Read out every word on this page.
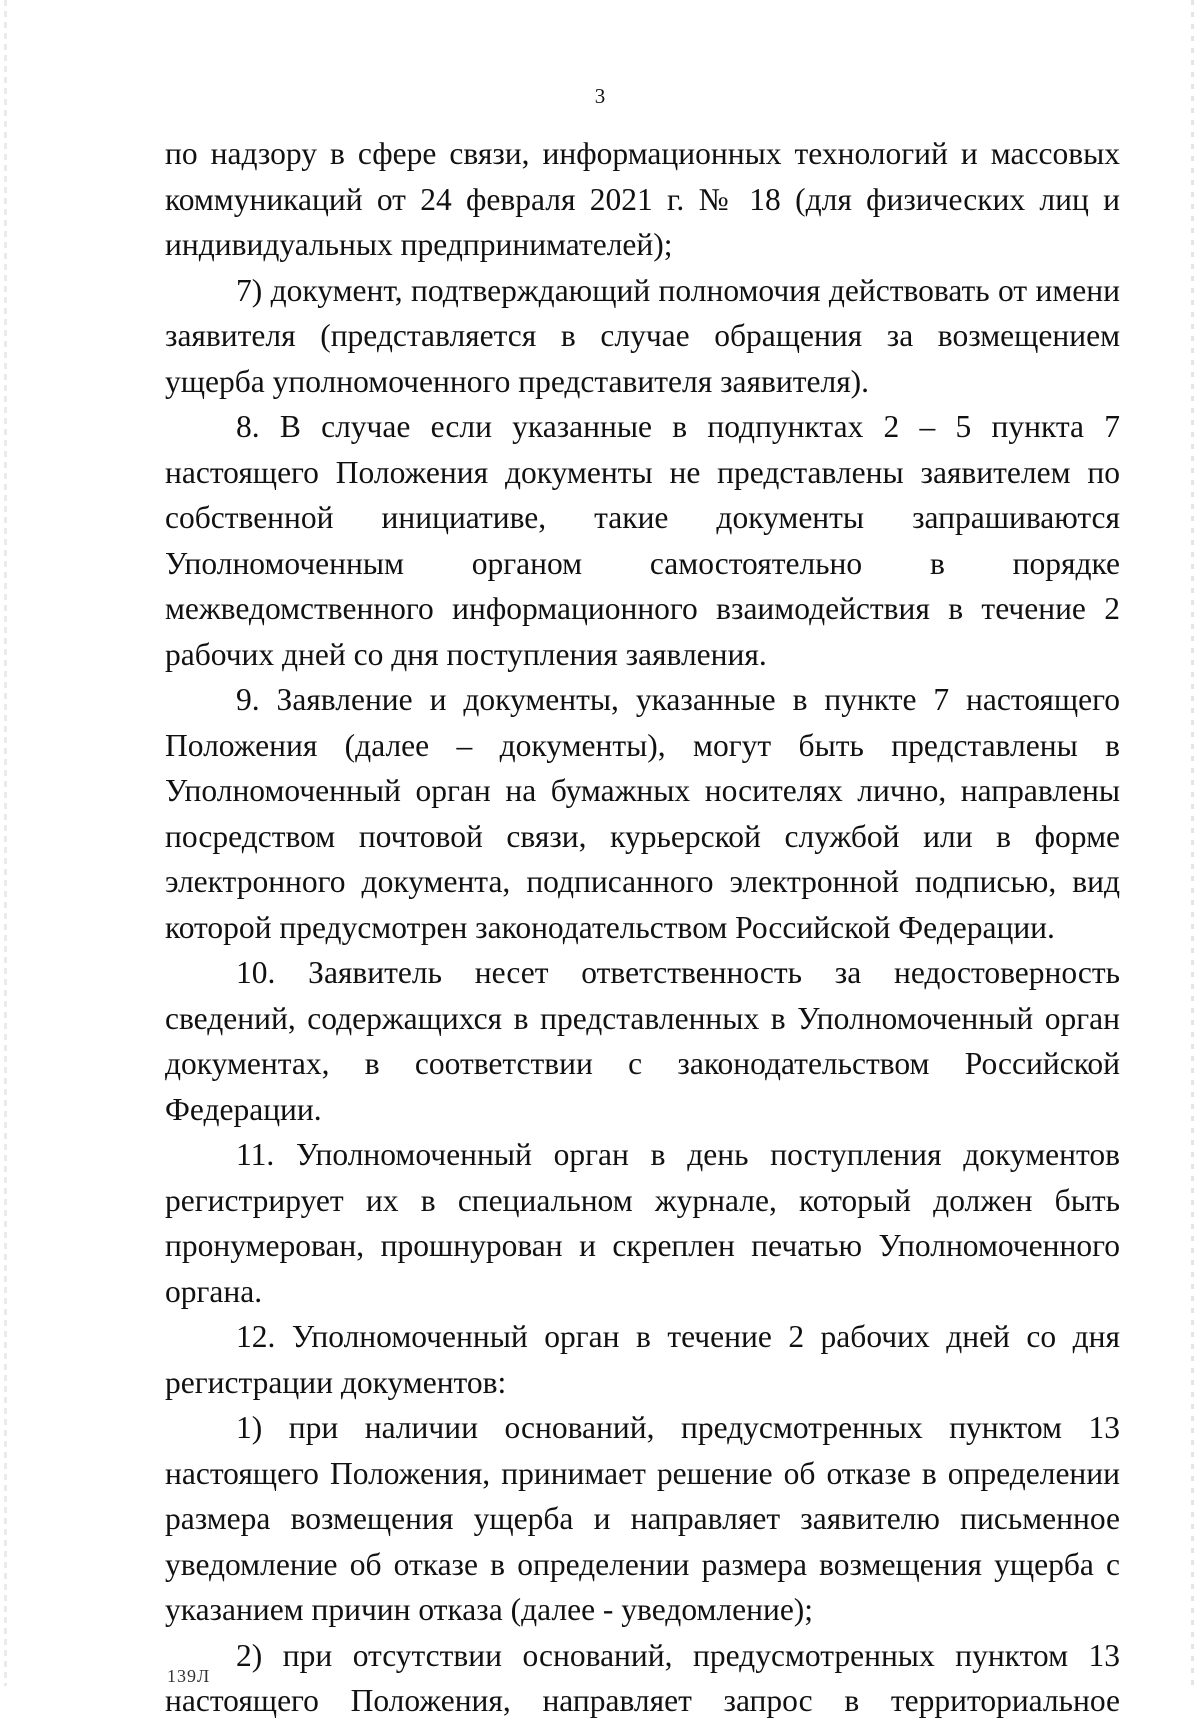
3

по надзору в сфере связи, информационных технологий и массовых коммуникаций от 24 февраля 2021 г. № 18 (для физических лиц и индивидуальных предпринимателей);

7) документ, подтверждающий полномочия действовать от имени заявителя (представляется в случае обращения за возмещением ущерба уполномоченного представителя заявителя).

8. В случае если указанные в подпунктах 2 – 5 пункта 7 настоящего Положения документы не представлены заявителем по собственной инициативе, такие документы запрашиваются Уполномоченным органом самостоятельно в порядке межведомственного информационного взаимодействия в течение 2 рабочих дней со дня поступления заявления.

9. Заявление и документы, указанные в пункте 7 настоящего Положения (далее – документы), могут быть представлены в Уполномоченный орган на бумажных носителях лично, направлены посредством почтовой связи, курьерской службой или в форме электронного документа, подписанного электронной подписью, вид которой предусмотрен законодательством Российской Федерации.

10. Заявитель несет ответственность за недостоверность сведений, содержащихся в представленных в Уполномоченный орган документах, в соответствии с законодательством Российской Федерации.

11. Уполномоченный орган в день поступления документов регистрирует их в специальном журнале, который должен быть пронумерован, прошнурован и скреплен печатью Уполномоченного органа.

12. Уполномоченный орган в течение 2 рабочих дней со дня регистрации документов:

1) при наличии оснований, предусмотренных пунктом 13 настоящего Положения, принимает решение об отказе в определении размера возмещения ущерба и направляет заявителю письменное уведомление об отказе в определении размера возмещения ущерба с указанием причин отказа (далее - уведомление);

2) при отсутствии оснований, предусмотренных пунктом 13 настоящего Положения, направляет запрос в территориальное

139Л
